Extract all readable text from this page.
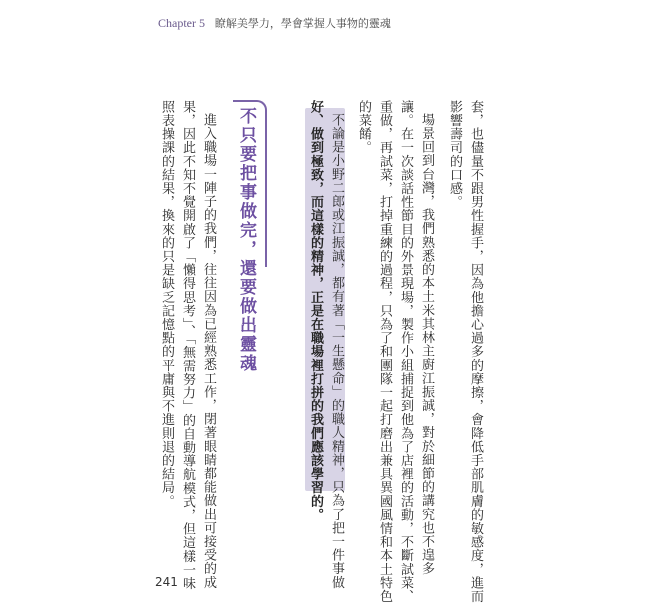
Chapter 5 瞭解美學力，學會掌握人事物的靈魂
套，也儘量不跟男性握手，因為他擔心過多的摩擦，會降低手部肌膚的敏感度，進而
影響壽司的口感。
場景回到台灣，我們熟悉的本土米其林主廚江振誠，對於細節的講究也不遑多
讓。在一次談話性節目的外景現場，製作小組捕捉到他為了店裡的活動，不斷試菜、
重做，再試菜，打掉重練的過程，只為了和團隊一起打磨出兼具異國風情和本土特色
的菜餚。
不論是小野二郎或江振誠，都有著「一生懸命」的職人精神，只為了把一件事做
好、做到極致，而這樣的精神，正是在職場裡打拼的我們應該學習的。
不只要把事做完，還要做出靈魂
進入職場一陣子的我們，往往因為已經熟悉工作，閉著眼睛都能做出可接受的成
果，因此不知不覺開啟了「懶得思考」、「無需努力」的自動導航模式，但這樣一味
照表操課的結果，換來的只是缺乏記憶點的平庸與不進則退的結局。
241
